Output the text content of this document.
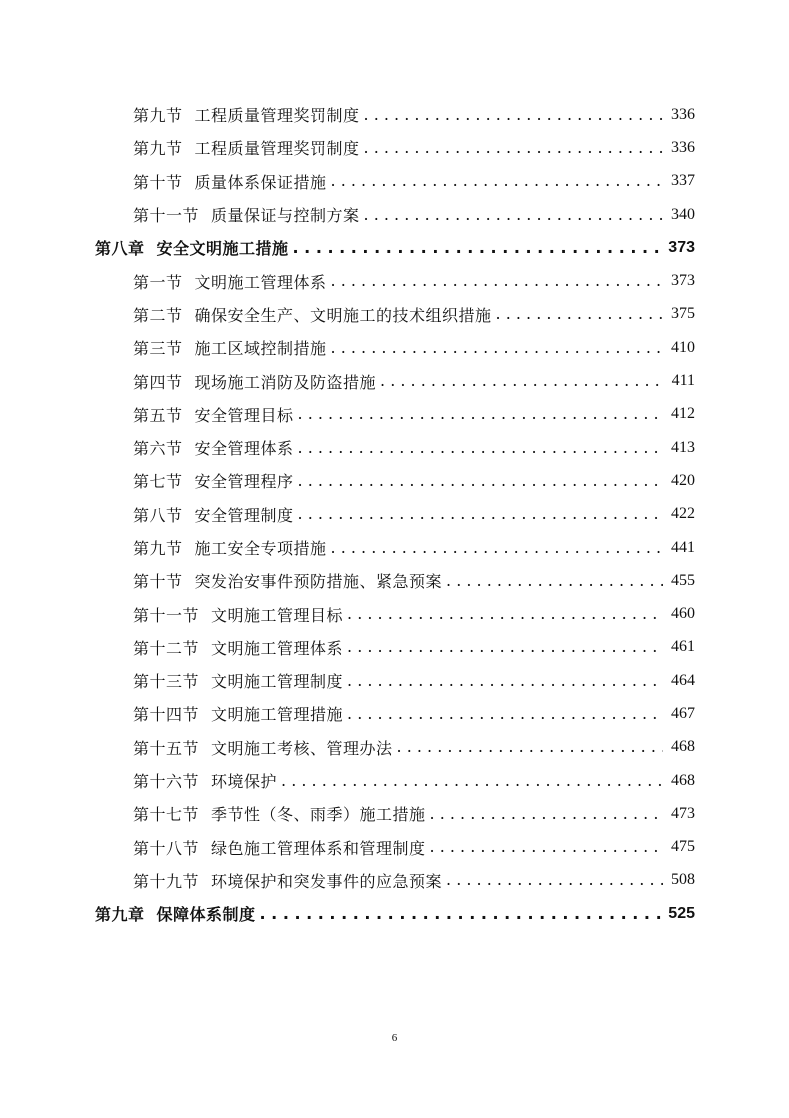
第九节 工程质量管理奖罚制度 . . .	336
第九节 工程质量管理奖罚制度 . . .	336
第十节 质量体系保证措施 . . .	337
第十一节 质量保证与控制方案 . . .	340
第八章 安全文明施工措施 . . .	373
第一节 文明施工管理体系 . . .	373
第二节 确保安全生产、文明施工的技术组织措施 . . .	375
第三节 施工区域控制措施 . . .	410
第四节 现场施工消防及防盗措施 . . .	411
第五节 安全管理目标 . . .	412
第六节 安全管理体系 . . .	413
第七节 安全管理程序 . . .	420
第八节 安全管理制度 . . .	422
第九节 施工安全专项措施 . . .	441
第十节 突发治安事件预防措施、紧急预案 . . .	455
第十一节 文明施工管理目标 . . .	460
第十二节 文明施工管理体系 . . .	461
第十三节 文明施工管理制度 . . .	464
第十四节 文明施工管理措施 . . .	467
第十五节 文明施工考核、管理办法 . . .	468
第十六节 环境保护 . . .	468
第十七节 季节性（冬、雨季）施工措施 . . .	473
第十八节 绿色施工管理体系和管理制度 . . .	475
第十九节 环境保护和突发事件的应急预案 . . .	508
第九章 保障体系制度 . . .	525
6
